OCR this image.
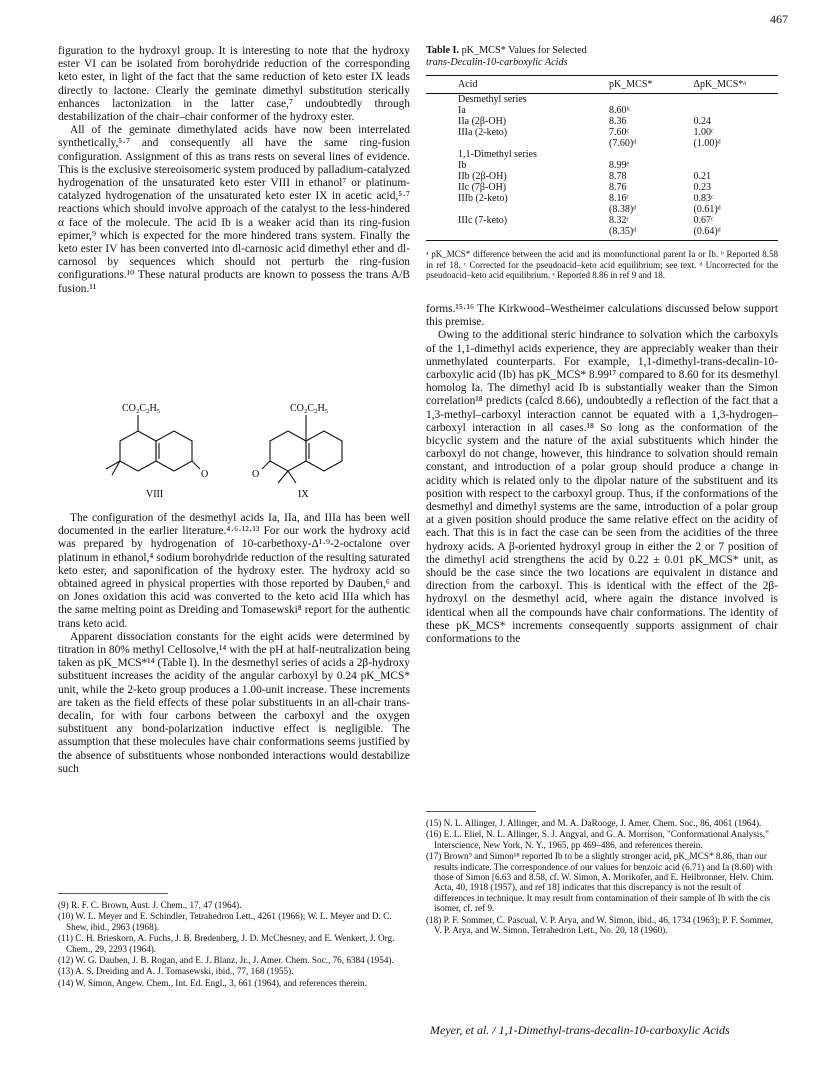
467

figuration to the hydroxyl group. It is interesting to note that the hydroxy ester VI can be isolated from borohydride reduction of the corresponding keto ester, in light of the fact that the same reduction of keto ester IX leads directly to lactone. Clearly the geminate dimethyl substitution sterically enhances lactonization in the latter case,⁷ undoubtedly through destabilization of the chair–chair conformer of the hydroxy ester.

All of the geminate dimethylated acids have now been interrelated synthetically,⁵·⁷ and consequently all have the same ring-fusion configuration. Assignment of this as trans rests on several lines of evidence. This is the exclusive stereoisomeric system produced by palladium-catalyzed hydrogenation of the unsaturated keto ester VIII in ethanol⁷ or platinum-catalyzed hydrogenation of the unsaturated keto ester IX in acetic acid,⁵·⁷ reactions which should involve approach of the catalyst to the less-hindered α face of the molecule. The acid Ib is a weaker acid than its ring-fusion epimer,⁹ which is expected for the more hindered trans system. Finally the keto ester IV has been converted into dl-carnosic acid dimethyl ether and dl-carnosol by sequences which should not perturb the ring-fusion configurations.¹⁰ These natural products are known to possess the trans A/B fusion.¹¹

CO₂C₂H₅
O
VIII
CO₂C₂H₅
O
IX

The configuration of the desmethyl acids Ia, IIa, and IIIa has been well documented in the earlier literature.⁴·⁶·¹²·¹³ For our work the hydroxy acid was prepared by hydrogenation of 10-carbethoxy-Δ¹·⁹-2-octalone over platinum in ethanol,⁴ sodium borohydride reduction of the resulting saturated keto ester, and saponification of the hydroxy ester. The hydroxy acid so obtained agreed in physical properties with those reported by Dauben,⁶ and on Jones oxidation this acid was converted to the keto acid IIIa which has the same melting point as Dreiding and Tomasewski⁸ report for the authentic trans keto acid.

Apparent dissociation constants for the eight acids were determined by titration in 80% methyl Cellosolve,¹⁴ with the pH at half-neutralization being taken as pK_MCS*¹⁴ (Table I). In the desmethyl series of acids a 2β-hydroxy substituent increases the acidity of the angular carboxyl by 0.24 pK_MCS* unit, while the 2-keto group produces a 1.00-unit increase. These increments are taken as the field effects of these polar substituents in an all-chair trans-decalin, for with four carbons between the carboxyl and the oxygen substituent any bond-polarization inductive effect is negligible. The assumption that these molecules have chair conformations seems justified by the absence of substituents whose nonbonded interactions would destabilize such

Table I. pK_MCS* Values for Selected
trans-Decalin-10-carboxylic Acids
Acid	pK_MCS*	ΔpK_MCS*ᵃ
Desmethyl series		
Ia	8.60ᵇ	
IIa (2β-OH)	8.36	0.24
IIIa (2-keto)	7.60ᶜ	1.00ᶜ
	(7.60)ᵈ	(1.00)ᵈ
1,1-Dimethyl series		
Ib	8.99ᵉ	
IIb (2β-OH)	8.78	0.21
IIc (7β-OH)	8.76	0.23
IIIb (2-keto)	8.16ᶜ	0.83ᶜ
	(8.38)ᵈ	(0.61)ᵈ
IIIc (7-keto)	8.32ᶜ	0.67ᶜ
	(8.35)ᵈ	(0.64)ᵈ
ᵃ pK_MCS* difference between the acid and its monofunctional parent Ia or Ib. ᵇ Reported 8.58 in ref 18. ᶜ Corrected for the pseudoacid–keto acid equilibrium; see text. ᵈ Uncorrected for the pseudoacid–keto acid equilibrium. ᵉ Reported 8.86 in ref 9 and 18.

forms.¹⁵·¹⁶ The Kirkwood–Westheimer calculations discussed below support this premise.

Owing to the additional steric hindrance to solvation which the carboxyls of the 1,1-dimethyl acids experience, they are appreciably weaker than their unmethylated counterparts. For example, 1,1-dimethyl-trans-decalin-10-carboxylic acid (Ib) has pK_MCS* 8.99¹⁷ compared to 8.60 for its desmethyl homolog Ia. The dimethyl acid Ib is substantially weaker than the Simon correlation¹⁸ predicts (calcd 8.66), undoubtedly a reflection of the fact that a 1,3-methyl–carboxyl interaction cannot be equated with a 1,3-hydrogen–carboxyl interaction in all cases.¹⁸ So long as the conformation of the bicyclic system and the nature of the axial substituents which hinder the carboxyl do not change, however, this hindrance to solvation should remain constant, and introduction of a polar group should produce a change in acidity which is related only to the dipolar nature of the substituent and its position with respect to the carboxyl group. Thus, if the conformations of the desmethyl and dimethyl systems are the same, introduction of a polar group at a given position should produce the same relative effect on the acidity of each. That this is in fact the case can be seen from the acidities of the three hydroxy acids. A β-oriented hydroxyl group in either the 2 or 7 position of the dimethyl acid strengthens the acid by 0.22 ± 0.01 pK_MCS* unit, as should be the case since the two locations are equivalent in distance and direction from the carboxyl. This is identical with the effect of the 2β-hydroxyl on the desmethyl acid, where again the distance involved is identical when all the compounds have chair conformations. The identity of these pK_MCS* increments consequently supports assignment of chair conformations to the

(9) R. F. C. Brown, Aust. J. Chem., 17, 47 (1964).

(10) W. L. Meyer and E. Schindler, Tetrahedron Lett., 4261 (1966); W. L. Meyer and D. C. Shew, ibid., 2963 (1968).

(11) C. H. Brieskorn, A. Fuchs, J. B. Bredenberg, J. D. McChesney, and E. Wenkert, J. Org. Chem., 29, 2293 (1964).

(12) W. G. Dauben, J. B. Rogan, and E. J. Blanz, Jr., J. Amer. Chem. Soc., 76, 6384 (1954).

(13) A. S. Dreiding and A. J. Tomasewski, ibid., 77, 168 (1955).

(14) W. Simon, Angew. Chem., Int. Ed. Engl., 3, 661 (1964), and references therein.

(15) N. L. Allinger, J. Allinger, and M. A. DaRooge, J. Amer. Chem. Soc., 86, 4061 (1964).

(16) E. L. Eliel, N. L. Allinger, S. J. Angyal, and G. A. Morrison, "Conformational Analysis," Interscience, New York, N. Y., 1965, pp 469–486, and references therein.

(17) Brown⁹ and Simon¹⁸ reported Ib to be a slightly stronger acid, pK_MCS* 8.86, than our results indicate. The correspondence of our values for benzoic acid (6.71) and Ia (8.60) with those of Simon [6.63 and 8.58, cf. W. Simon, A. Morikofer, and E. Heilbronner, Helv. Chim. Acta, 40, 1918 (1957), and ref 18] indicates that this discrepancy is not the result of differences in technique. It may result from contamination of their sample of Ib with the cis isomer, cf. ref 9.

(18) P. F. Sommer, C. Pascual, V. P. Arya, and W. Simon, ibid., 46, 1734 (1963); P. F. Sommer, V. P. Arya, and W. Simon, Tetrahedron Lett., No. 20, 18 (1960).

Meyer, et al. / 1,1-Dimethyl-trans-decalin-10-carboxylic Acids
